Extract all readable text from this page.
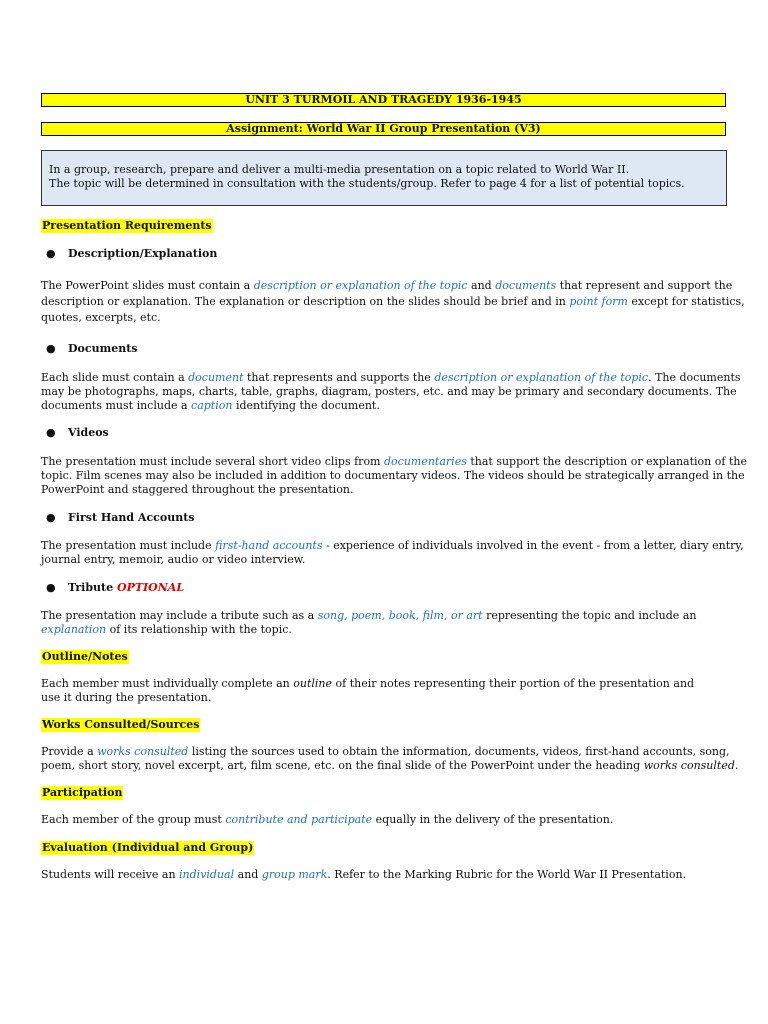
UNIT 3 TURMOIL AND TRAGEDY 1936-1945
Assignment: World War II Group Presentation (V3)
In a group, research, prepare and deliver a multi-media presentation on a topic related to World War II.
The topic will be determined in consultation with the students/group. Refer to page 4 for a list of potential topics.
Presentation Requirements
● Description/Explanation
The PowerPoint slides must contain a description or explanation of the topic and documents that represent and support the description or explanation. The explanation or description on the slides should be brief and in point form except for statistics, quotes, excerpts, etc.
● Documents
Each slide must contain a document that represents and supports the description or explanation of the topic. The documents may be photographs, maps, charts, table, graphs, diagram, posters, etc. and may be primary and secondary documents. The documents must include a caption identifying the document.
● Videos
The presentation must include several short video clips from documentaries that support the description or explanation of the topic. Film scenes may also be included in addition to documentary videos. The videos should be strategically arranged in the PowerPoint and staggered throughout the presentation.
● First Hand Accounts
The presentation must include first-hand accounts - experience of individuals involved in the event - from a letter, diary entry, journal entry, memoir, audio or video interview.
● Tribute OPTIONAL
The presentation may include a tribute such as a song, poem, book, film, or art representing the topic and include an explanation of its relationship with the topic.
Outline/Notes
Each member must individually complete an outline of their notes representing their portion of the presentation and use it during the presentation.
Works Consulted/Sources
Provide a works consulted listing the sources used to obtain the information, documents, videos, first-hand accounts, song, poem, short story, novel excerpt, art, film scene, etc. on the final slide of the PowerPoint under the heading works consulted.
Participation
Each member of the group must contribute and participate equally in the delivery of the presentation.
Evaluation (Individual and Group)
Students will receive an individual and group mark. Refer to the Marking Rubric for the World War II Presentation.
